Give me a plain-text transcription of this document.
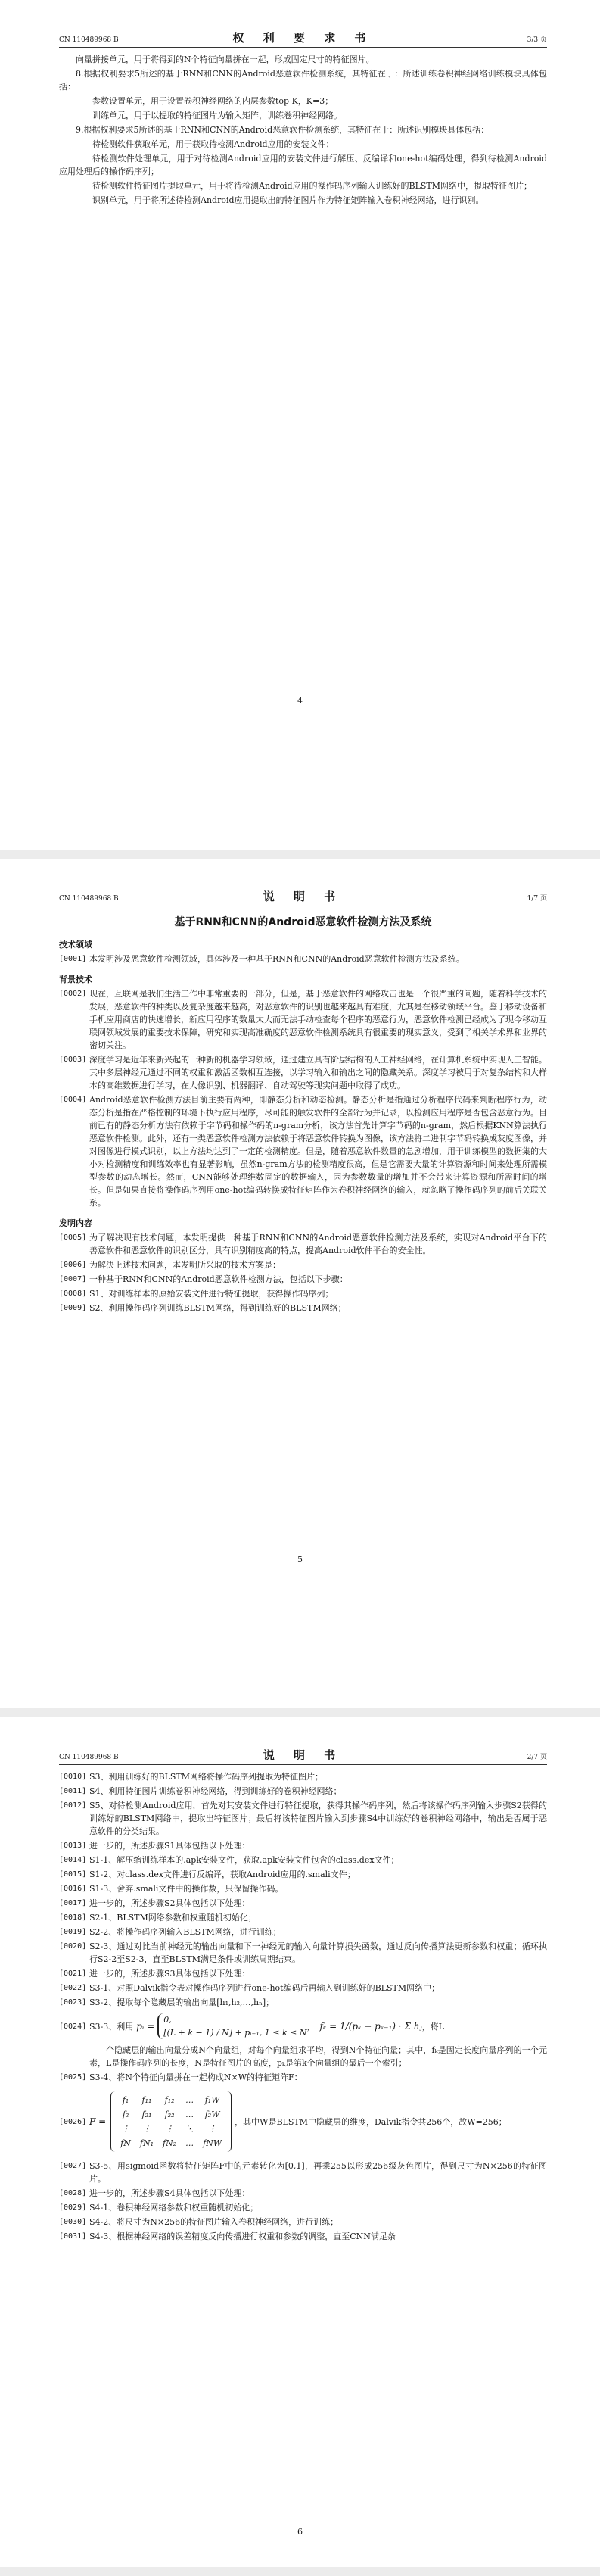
CN 110489968 B	权 利 要 求 书	3/3 页

向量拼接单元，用于将得到的N个特征向量拼在一起，形成固定尺寸的特征图片。

8.根据权利要求5所述的基于RNN和CNN的Android恶意软件检测系统，其特征在于：所述训练卷积神经网络训练模块具体包括：

参数设置单元，用于设置卷积神经网络的内层参数top K，K=3；

训练单元，用于以提取的特征图片为输入矩阵，训练卷积神经网络。

9.根据权利要求5所述的基于RNN和CNN的Android恶意软件检测系统，其特征在于：所述识别模块具体包括：

待检测软件获取单元，用于获取待检测Android应用的安装文件；

待检测软件处理单元，用于对待检测Android应用的安装文件进行解压、反编译和one-hot编码处理，得到待检测Android应用处理后的操作码序列；

待检测软件特征图片提取单元，用于将待检测Android应用的操作码序列输入训练好的BLSTM网络中，提取特征图片；

识别单元，用于将所述待检测Android应用提取出的特征图片作为特征矩阵输入卷积神经网络，进行识别。

4
CN 110489968 B	说 明 书	1/7 页
基于RNN和CNN的Android恶意软件检测方法及系统
技术领域
[0001] 本发明涉及恶意软件检测领域，具体涉及一种基于RNN和CNN的Android恶意软件检测方法及系统。
背景技术
[0002] 现在，互联网是我们生活工作中非常重要的一部分，但是，基于恶意软件的网络攻击也是一个很严重的问题，随着科学技术的发展，恶意软件的种类以及复杂度越来越高，对恶意软件的识别也越来越具有难度，尤其是在移动领域平台。鉴于移动设备和手机应用商店的快速增长，新应用程序的数量太大而无法手动检查每个程序的恶意行为，恶意软件检测已经成为了现今移动互联网领域发展的重要技术保障，研究和实现高准确度的恶意软件检测系统具有很重要的现实意义，受到了相关学术界和业界的密切关注。
[0003] 深度学习是近年来新兴起的一种新的机器学习领域，通过建立具有阶层结构的人工神经网络，在计算机系统中实现人工智能。其中多层神经元通过不同的权重和激活函数相互连接，以学习输入和输出之间的隐藏关系。深度学习被用于对复杂结构和大样本的高维数据进行学习，在人像识别、机器翻译、自动驾驶等现实问题中取得了成功。
[0004] Android恶意软件检测方法目前主要有两种，即静态分析和动态检测。静态分析是指通过分析程序代码来判断程序行为，动态分析是指在严格控制的环境下执行应用程序，尽可能的触发软件的全部行为并记录，以检测应用程序是否包含恶意行为。目前已有的静态分析方法有依赖于字节码和操作码的n-gram分析，该方法首先计算字节码的n-gram，然后根据KNN算法执行恶意软件检测。此外，还有一类恶意软件检测方法依赖于将恶意软件转换为图像，该方法将二进制字节码转换成灰度图像，并对图像进行模式识别，以上方法均达到了一定的检测精度。但是，随着恶意软件数量的急剧增加，用于训练模型的数据集的大小对检测精度和训练效率也有显著影响，虽然n-gram方法的检测精度很高，但是它需要大量的计算资源和时间来处理所需模型参数的动态增长。然而，CNN能够处理维数固定的数据输入，因为参数数量的增加并不会带来计算资源和所需时间的增长。但是如果直接将操作码序列用one-hot编码转换成特征矩阵作为卷积神经网络的输入，就忽略了操作码序列的前后关联关系。
发明内容
[0005] 为了解决现有技术问题，本发明提供一种基于RNN和CNN的Android恶意软件检测方法及系统，实现对Android平台下的善意软件和恶意软件的识别区分，具有识别精度高的特点，提高Android软件平台的安全性。
[0006] 为解决上述技术问题，本发明所采取的技术方案是：
[0007] 一种基于RNN和CNN的Android恶意软件检测方法，包括以下步骤：
[0008] S1、对训练样本的原始安装文件进行特征提取，获得操作码序列；
[0009] S2、利用操作码序列训练BLSTM网络，得到训练好的BLSTM网络；
5
CN 110489968 B	说 明 书	2/7 页
[0010] S3、利用训练好的BLSTM网络将操作码序列提取为特征图片；
[0011] S4、利用特征图片训练卷积神经网络，得到训练好的卷积神经网络；
[0012] S5、对待检测Android应用，首先对其安装文件进行特征提取，获得其操作码序列，然后将该操作码序列输入步骤S2获得的训练好的BLSTM网络中，提取出特征图片；最后将该特征图片输入到步骤S4中训练好的卷积神经网络中，输出是否属于恶意软件的分类结果。
[0013] 进一步的，所述步骤S1具体包括以下处理：
[0014] S1-1、解压缩训练样本的.apk安装文件，获取.apk安装文件包含的class.dex文件；
[0015] S1-2、对class.dex文件进行反编译，获取Android应用的.smali文件；
[0016] S1-3、舍弃.smali文件中的操作数，只保留操作码。
[0017] 进一步的，所述步骤S2具体包括以下处理：
[0018] S2-1、BLSTM网络参数和权重随机初始化；
[0019] S2-2、将操作码序列输入BLSTM网络，进行训练；
[0020] S2-3、通过对比当前神经元的输出向量和下一神经元的输入向量计算损失函数，通过反向传播算法更新参数和权重；循环执行S2-2至S2-3，直至BLSTM满足条件或训练周期结束。
[0021] 进一步的，所述步骤S3具体包括以下处理：
[0022] S3-1、对照Dalvik指令表对操作码序列进行one-hot编码后再输入到训练好的BLSTM网络中；
[0023] S3-2、提取每个隐藏层的输出向量[h₁,h₂,…,hₙ]；
[0024] S3-3、利用 pᵢ =
0,
⌊(L + k − 1) / N⌋ + pᵢ₋₁, 1 ≤ k ≤ N
， fₖ = 1/(pₖ − pₖ₋₁) · Σ hⱼ ，将L
个隐藏层的输出向量分成N个向量组，对每个向量组求平均，得到N个特征向量；其中，fₖ是固定长度向量序列的一个元素，L是操作码序列的长度，N是特征图片的高度，pₖ是第k个向量组的最后一个索引；
[0025] S3-4、将N个特征向量拼在一起构成N×W的特征矩阵F：
[0026] F =
f₁	f₁₁	f₁₂	…	f₁W
f₂	f₂₁	f₂₂	…	f₂W
⋮	⋮	⋮	⋱	⋮
fN	fN₁	fN₂	…	fNW
，其中W是BLSTM中隐藏层的维度，Dalvik指令共256个，故W=256；
[0027] S3-5、用sigmoid函数将特征矩阵F中的元素转化为[0,1]，再乘255以形成256级灰色图片，得到尺寸为N×256的特征图片。
[0028] 进一步的，所述步骤S4具体包括以下处理：
[0029] S4-1、卷积神经网络参数和权重随机初始化；
[0030] S4-2、将尺寸为N×256的特征图片输入卷积神经网络，进行训练；
[0031] S4-3、根据神经网络的误差精度反向传播进行权重和参数的调整，直至CNN满足条
6
